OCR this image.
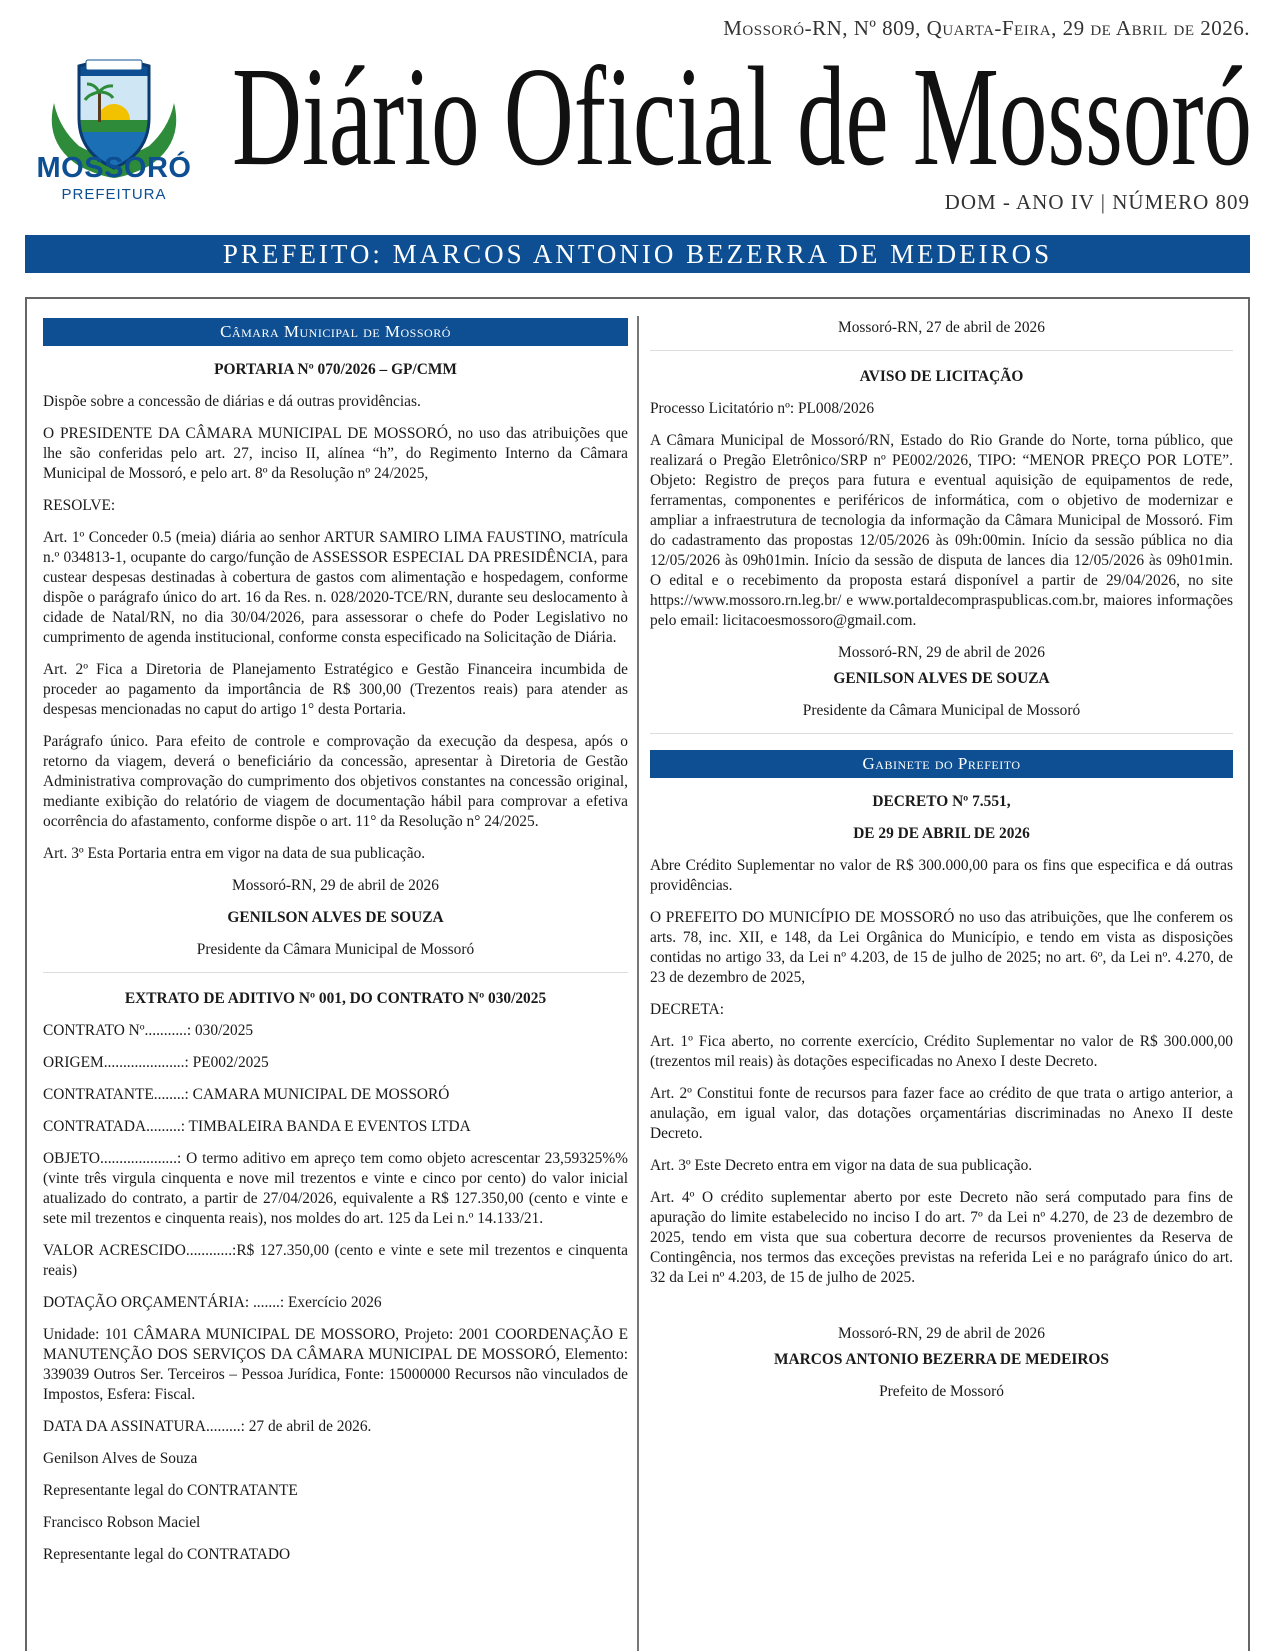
Mossoró-RN, Nº 809, Quarta-Feira, 29 de Abril de 2026.
MOSSORÓ
PREFEITURA Diário Oficial de Mossoró
DOM - ANO IV | NÚMERO 809
PREFEITO: MARCOS ANTONIO BEZERRA DE MEDEIROS
Câmara Municipal de Mossoró

PORTARIA Nº 070/2026 – GP/CMM

Dispõe sobre a concessão de diárias e dá outras providências.

O PRESIDENTE DA CÂMARA MUNICIPAL DE MOSSORÓ, no uso das atribuições que lhe são conferidas pelo art. 27, inciso II, alínea “h”, do Regimento Interno da Câmara Municipal de Mossoró, e pelo art. 8º da Resolução nº 24/2025,

RESOLVE:

Art. 1º Conceder 0.5 (meia) diária ao senhor ARTUR SAMIRO LIMA FAUSTINO, matrícula n.º 034813-1, ocupante do cargo/função de ASSESSOR ESPECIAL DA PRESIDÊNCIA, para custear despesas destinadas à cobertura de gastos com alimentação e hospedagem, conforme dispõe o parágrafo único do art. 16 da Res. n. 028/2020-TCE/RN, durante seu deslocamento à cidade de Natal/RN, no dia 30/04/2026, para assessorar o chefe do Poder Legislativo no cumprimento de agenda institucional, conforme consta especificado na Solicitação de Diária.

Art. 2º Fica a Diretoria de Planejamento Estratégico e Gestão Financeira incumbida de proceder ao pagamento da importância de R$ 300,00 (Trezentos reais) para atender as despesas mencionadas no caput do artigo 1° desta Portaria.

Parágrafo único. Para efeito de controle e comprovação da execução da despesa, após o retorno da viagem, deverá o beneficiário da concessão, apresentar à Diretoria de Gestão Administrativa comprovação do cumprimento dos objetivos constantes na concessão original, mediante exibição do relatório de viagem de documentação hábil para comprovar a efetiva ocorrência do afastamento, conforme dispõe o art. 11° da Resolução n° 24/2025.

Art. 3º Esta Portaria entra em vigor na data de sua publicação.

Mossoró-RN, 29 de abril de 2026

GENILSON ALVES DE SOUZA

Presidente da Câmara Municipal de Mossoró

EXTRATO DE ADITIVO Nº 001, DO CONTRATO Nº 030/2025

CONTRATO Nº...........: 030/2025

ORIGEM.....................: PE002/2025

CONTRATANTE........: CAMARA MUNICIPAL DE MOSSORÓ

CONTRATADA.........: TIMBALEIRA BANDA E EVENTOS LTDA

OBJETO....................: O termo aditivo em apreço tem como objeto acrescentar 23,59325%% (vinte três virgula cinquenta e nove mil trezentos e vinte e cinco por cento) do valor inicial atualizado do contrato, a partir de 27/04/2026, equivalente a R$ 127.350,00 (cento e vinte e sete mil trezentos e cinquenta reais), nos moldes do art. 125 da Lei n.º 14.133/21.

VALOR ACRESCIDO............:R$ 127.350,00 (cento e vinte e sete mil trezentos e cinquenta reais)

DOTAÇÃO ORÇAMENTÁRIA: .......: Exercício 2026

Unidade: 101 CÂMARA MUNICIPAL DE MOSSORO, Projeto: 2001 COORDENAÇÃO E MANUTENÇÃO DOS SERVIÇOS DA CÂMARA MUNICIPAL DE MOSSORÓ, Elemento: 339039 Outros Ser. Terceiros – Pessoa Jurídica, Fonte: 15000000 Recursos não vinculados de Impostos, Esfera: Fiscal.

DATA DA ASSINATURA.........: 27 de abril de 2026.

Genilson Alves de Souza

Representante legal do CONTRATANTE

Francisco Robson Maciel

Representante legal do CONTRATADO

Mossoró-RN, 27 de abril de 2026

AVISO DE LICITAÇÃO

Processo Licitatório nº: PL008/2026

A Câmara Municipal de Mossoró/RN, Estado do Rio Grande do Norte, torna público, que realizará o Pregão Eletrônico/SRP nº PE002/2026, TIPO: “MENOR PREÇO POR LOTE”. Objeto: Registro de preços para futura e eventual aquisição de equipamentos de rede, ferramentas, componentes e periféricos de informática, com o objetivo de modernizar e ampliar a infraestrutura de tecnologia da informação da Câmara Municipal de Mossoró. Fim do cadastramento das propostas 12/05/2026 às 09h:00min. Início da sessão pública no dia 12/05/2026 às 09h01min. Início da sessão de disputa de lances dia 12/05/2026 às 09h01min. O edital e o recebimento da proposta estará disponível a partir de 29/04/2026, no site https://www.mossoro.rn.leg.br/ e www.portaldecompraspublicas.com.br, maiores informações pelo email: licitacoesmossoro@gmail.com.

Mossoró-RN, 29 de abril de 2026

GENILSON ALVES DE SOUZA

Presidente da Câmara Municipal de Mossoró

Gabinete do Prefeito

DECRETO Nº 7.551,

DE 29 DE ABRIL DE 2026

Abre Crédito Suplementar no valor de R$ 300.000,00 para os fins que especifica e dá outras providências.

O PREFEITO DO MUNICÍPIO DE MOSSORÓ no uso das atribuições, que lhe conferem os arts. 78, inc. XII, e 148, da Lei Orgânica do Município, e tendo em vista as disposições contidas no artigo 33, da Lei nº 4.203, de 15 de julho de 2025; no art. 6º, da Lei nº. 4.270, de 23 de dezembro de 2025,

DECRETA:

Art. 1º Fica aberto, no corrente exercício, Crédito Suplementar no valor de R$ 300.000,00 (trezentos mil reais) às dotações especificadas no Anexo I deste Decreto.

Art. 2º Constitui fonte de recursos para fazer face ao crédito de que trata o artigo anterior, a anulação, em igual valor, das dotações orçamentárias discriminadas no Anexo II deste Decreto.

Art. 3º Este Decreto entra em vigor na data de sua publicação.

Art. 4º O crédito suplementar aberto por este Decreto não será computado para fins de apuração do limite estabelecido no inciso I do art. 7º da Lei nº 4.270, de 23 de dezembro de 2025, tendo em vista que sua cobertura decorre de recursos provenientes da Reserva de Contingência, nos termos das exceções previstas na referida Lei e no parágrafo único do art. 32 da Lei nº 4.203, de 15 de julho de 2025.

Mossoró-RN, 29 de abril de 2026

MARCOS ANTONIO BEZERRA DE MEDEIROS

Prefeito de Mossoró
